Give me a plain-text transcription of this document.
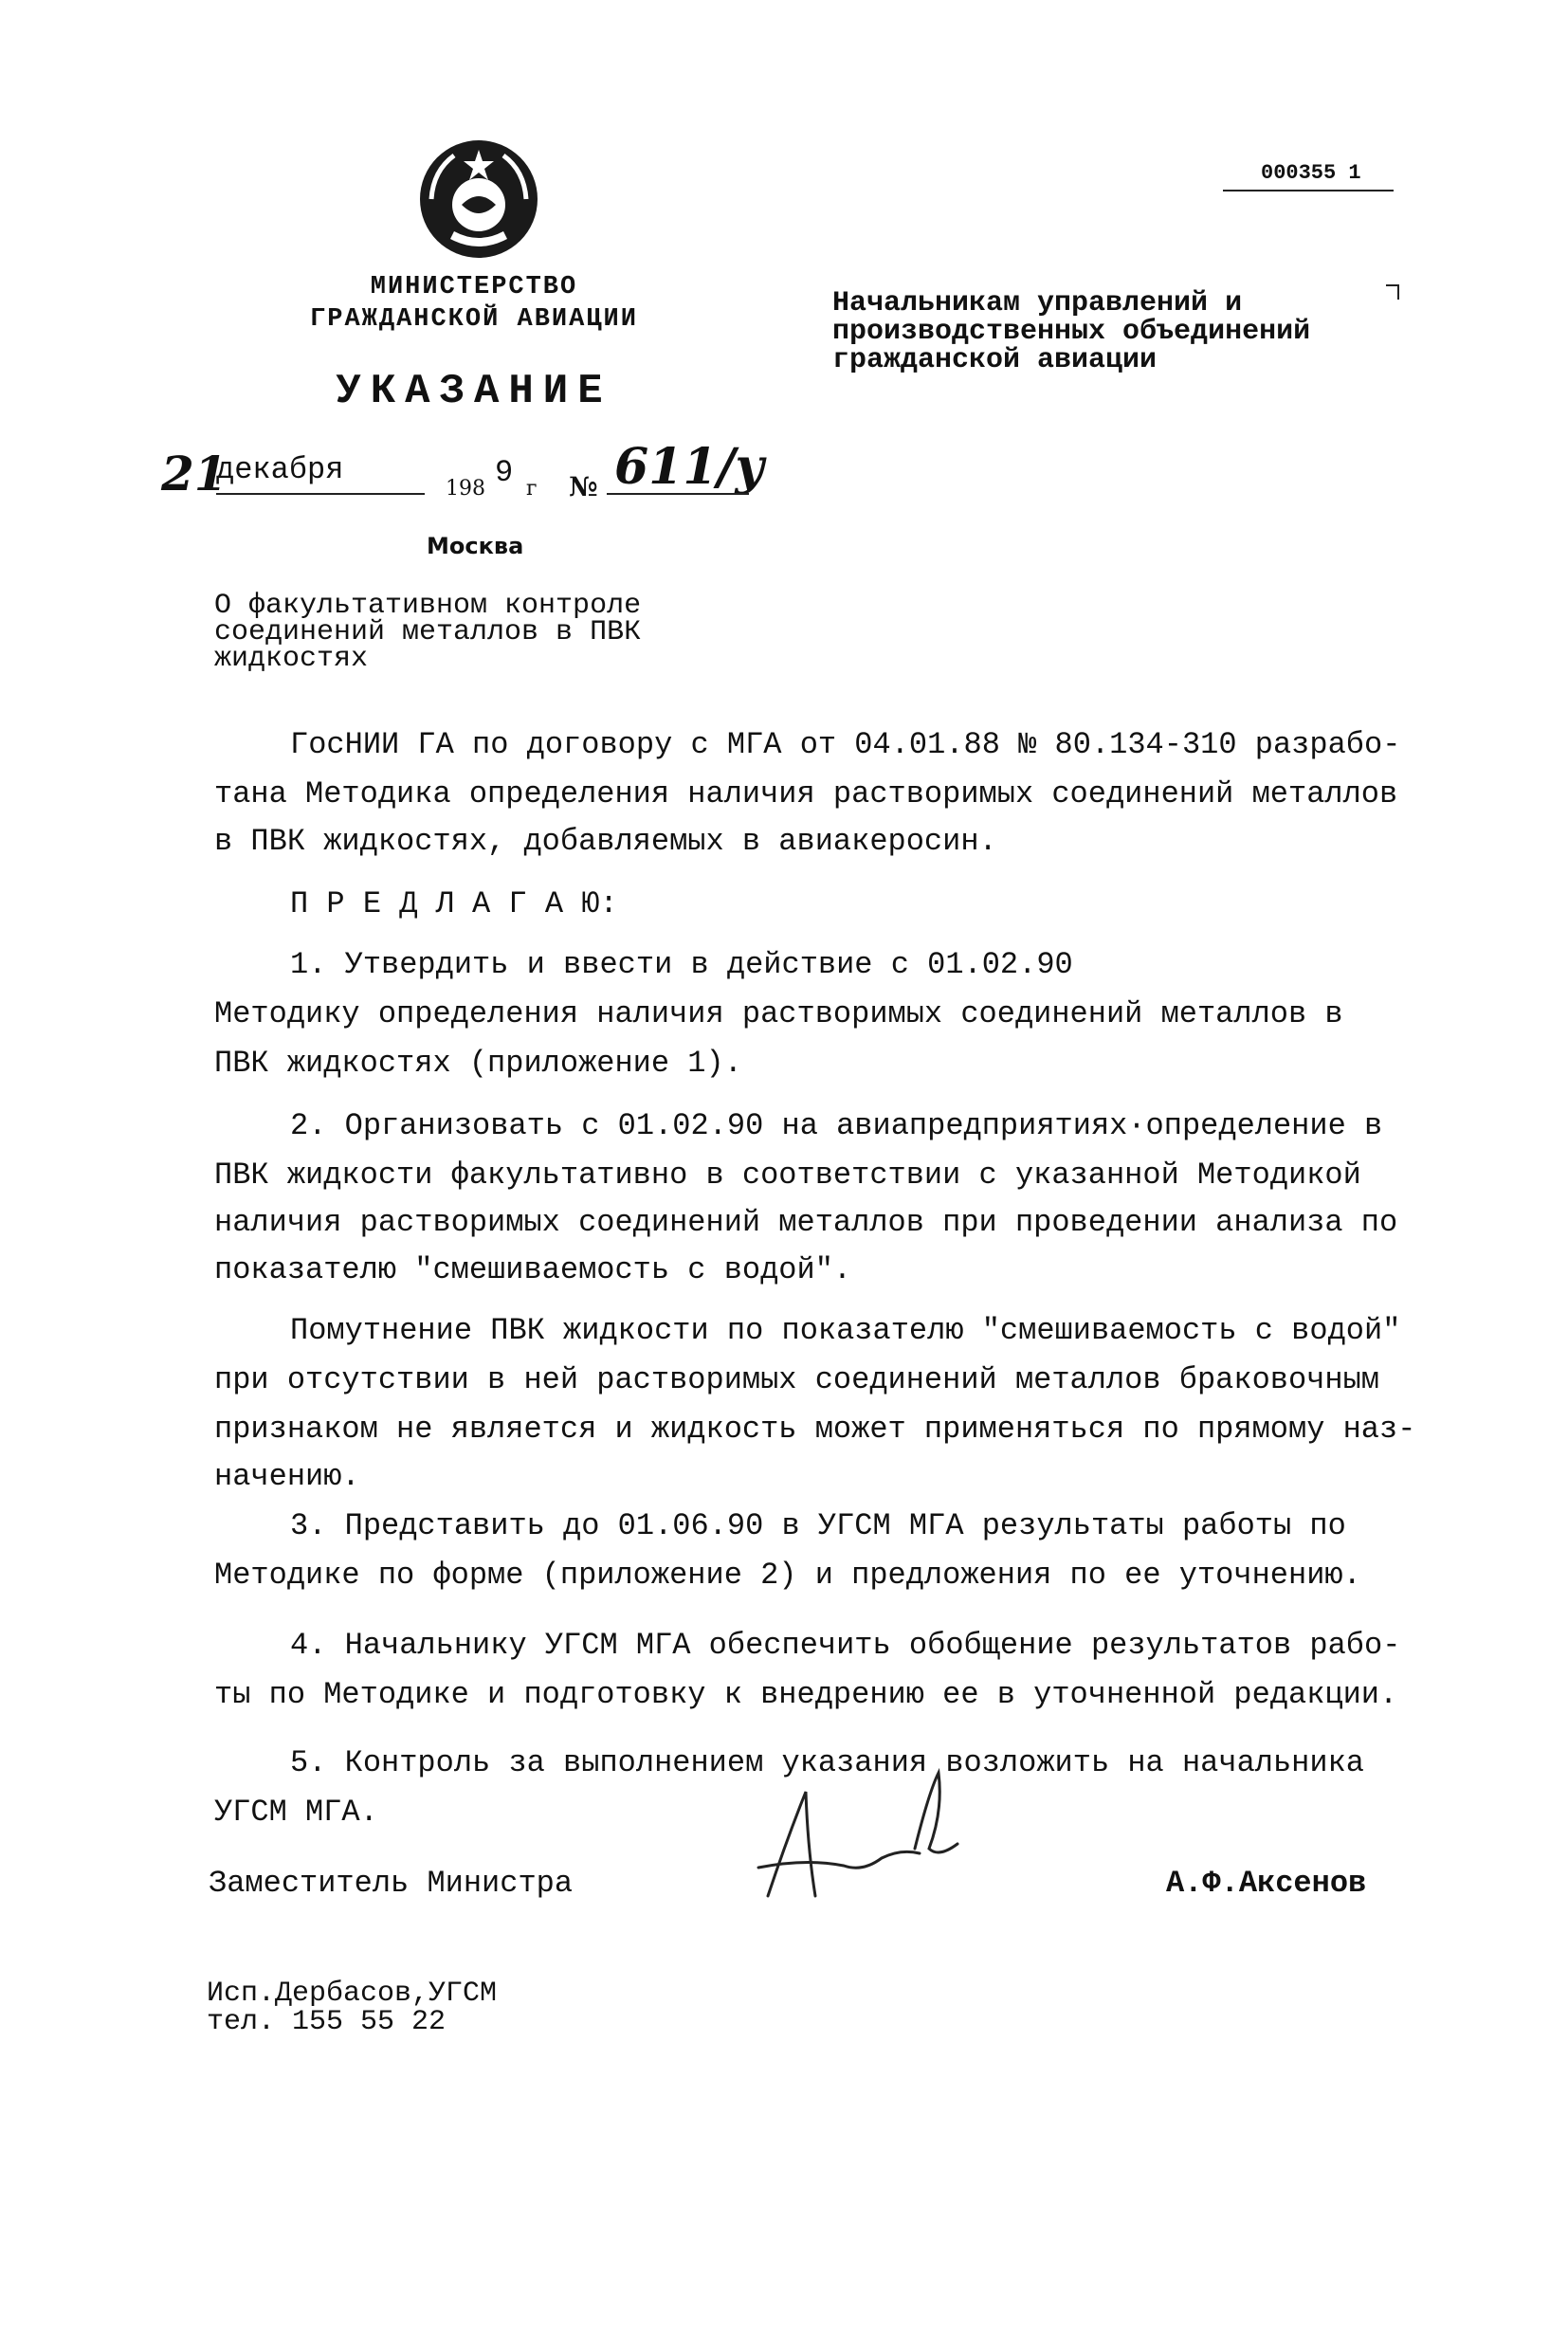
МИНИСТЕРСТВО
ГРАЖДАНСКОЙ АВИАЦИИ
УКАЗАНИЕ
000355 1
Начальникам управлений и
производственных объединений
гражданской авиации
21
декабря
198 9 г № 611/у
Москва
О факультативном контроле
соединений металлов в ПВК
жидкостях
ГосНИИ ГА по договору с МГА от 04.01.88 № 80.134-310 разрабо-
тана Методика определения наличия растворимых соединений металлов
в ПВК жидкостях, добавляемых в авиакеросин.
П Р Е Д Л А Г А Ю:
1. Утвердить и ввести в действие с 01.02.90
Методику определения наличия растворимых соединений металлов в
ПВК жидкостях (приложение 1).
2. Организовать с 01.02.90 на авиапредприятиях·определение в
ПВК жидкости факультативно в соответствии с указанной Методикой
наличия растворимых соединений металлов при проведении анализа по
показателю "смешиваемость с водой".
Помутнение ПВК жидкости по показателю "смешиваемость с водой"
при отсутствии в ней растворимых соединений металлов браковочным
признаком не является и жидкость может применяться по прямому наз-
начению.
3. Представить до 01.06.90 в УГСМ МГА результаты работы по
Методике по форме (приложение 2) и предложения по ее уточнению.
4. Начальнику УГСМ МГА обеспечить обобщение результатов рабо-
ты по Методике и подготовку к внедрению ее в уточненной редакции.
5. Контроль за выполнением указания возложить на начальника
УГСМ МГА.
Заместитель Министра	А.Ф.Аксенов
Исп.Дербасов,УГСМ
тел. 155 55 22
